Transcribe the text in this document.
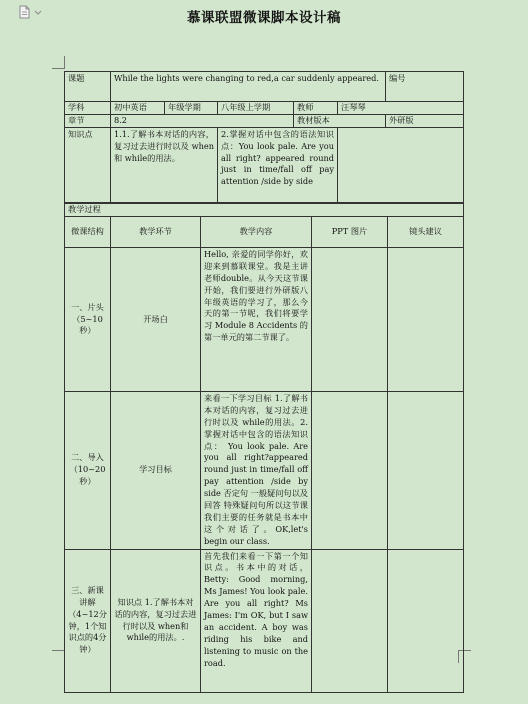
慕课联盟微课脚本设计稿
课题	While the lights were changing to red,a car suddenly appeared.					编号
学科	初中英语	年级学期	八年级上学期	教师	汪琴琴	
章节	8.2			教材版本		外研版
知识点	1.1.了解书本对话的内容，复习过去进行时以及 when和 while的用法。		2.掌握对话中包含的语法知识点：You look pale. Are you all right? appeared round just in time/fall off pay attention /side by side			
教学过程				
微课结构	教学环节	教学内容	PPT 图片	镜头建议
一、片头（5~10秒）	开场白	Hello, 亲爱的同学你好，欢迎来到慕联课堂。我是主讲老师double。从今天这节课开始，我们要进行外研版八年级英语的学习了，那么今天的第一节呢，我们将要学习 Module 8 Accidents 的第一单元的第二节课了。		
二、导入（10~20秒）	学习目标	来看一下学习目标 1.了解书本对话的内容，复习过去进行时以及 while的用法。2.掌握对话中包含的语法知识点： You look pale. Are you all right?appeared round just in time/fall off pay attention /side by side 否定句 一般疑问句以及回答 特殊疑问句所以这节课我们主要的任务就是书本中这个对话了。OK,let's begin our class.		
三、新课讲解（4~12分钟，1个知识点的4分钟）	知识点 1.了解书本对话的内容，复习过去进行时以及 when和 while的用法。.	首先我们来看一下第一个知识点。书本中的对话，Betty: Good morning, Ms James! You look pale. Are you all right? Ms James: I'm OK, but I saw an accident. A boy was riding his bike and listening to music on the road.		
